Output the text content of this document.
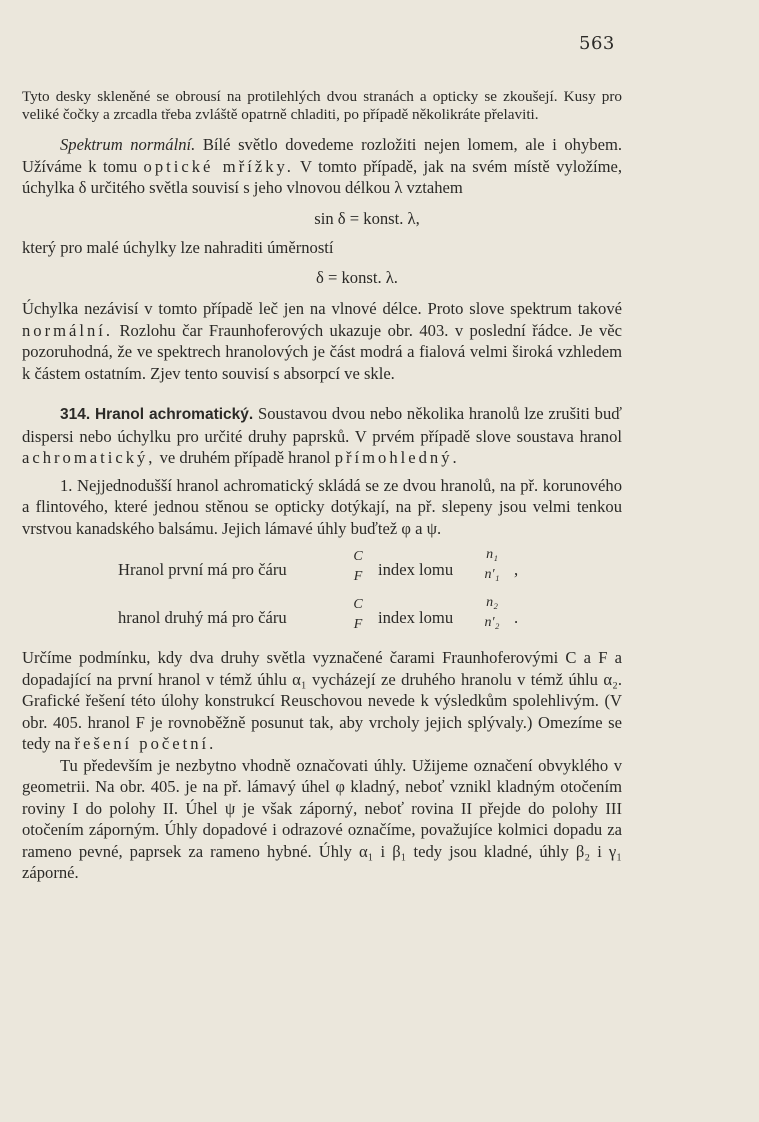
563

Tyto desky skleněné se obrousí na protilehlých dvou stranách a opticky se zkoušejí. Kusy pro veliké čočky a zrcadla třeba zvláště opatrně chladiti, po případě několikráte přelaviti.

Spektrum normální. Bílé světlo dovedeme rozložiti nejen lomem, ale i ohybem. Užíváme k tomu optické mřížky. V tomto případě, jak na svém místě vyložíme, úchylka δ určitého světla souvisí s jeho vlnovou délkou λ vztahem

sin δ = konst. λ,

který pro malé úchylky lze nahraditi úměrností

δ = konst. λ.

Úchylka nezávisí v tomto případě leč jen na vlnové délce. Proto slove spektrum takové normální. Rozlohu čar Fraunhoferových ukazuje obr. 403. v poslední řádce. Je věc pozoruhodná, že ve spektrech hranolových je část modrá a fialová velmi široká vzhledem k částem ostatním. Zjev tento souvisí s absorpcí ve skle.

314. Hranol achromatický. Soustavou dvou nebo několika hranolů lze zrušiti buď dispersi nebo úchylku pro určité druhy paprsků. V prvém případě slove soustava hranol achromatický, ve druhém případě hranol přímohledný.

1. Nejjednodušší hranol achromatický skládá se ze dvou hranolů, na př. korunového a flintového, které jednou stěnou se opticky dotýkají, na př. slepeny jsou velmi tenkou vrstvou kanadského balsámu. Jejich lámavé úhly buďtež φ a ψ.

Hranol první má pro čáru
C
F index lomu
n₁
n′₁ ,
hranol druhý má pro čáru
C
F index lomu
n₂
n′₂ .

Určíme podmínku, kdy dva druhy světla vyznačené čarami Fraunhoferovými C a F a dopadající na první hranol v témž úhlu α₁ vycházejí ze druhého hranolu v témž úhlu α₂. Grafické řešení této úlohy konstrukcí Reuschovou nevede k výsledkům spolehlivým. (V obr. 405. hranol F je rovnoběžně posunut tak, aby vrcholy jejich splývaly.) Omezíme se tedy na řešení početní.

Tu především je nezbytno vhodně označovati úhly. Užijeme označení obvyklého v geometrii. Na obr. 405. je na př. lámavý úhel φ kladný, neboť vznikl kladným otočením roviny I do polohy II. Úhel ψ je však záporný, neboť rovina II přejde do polohy III otočením záporným. Úhly dopadové i odrazové označíme, považujíce kolmici dopadu za rameno pevné, paprsek za rameno hybné. Úhly α₁ i β₁ tedy jsou kladné, úhly β₂ i γ₁ záporné.
